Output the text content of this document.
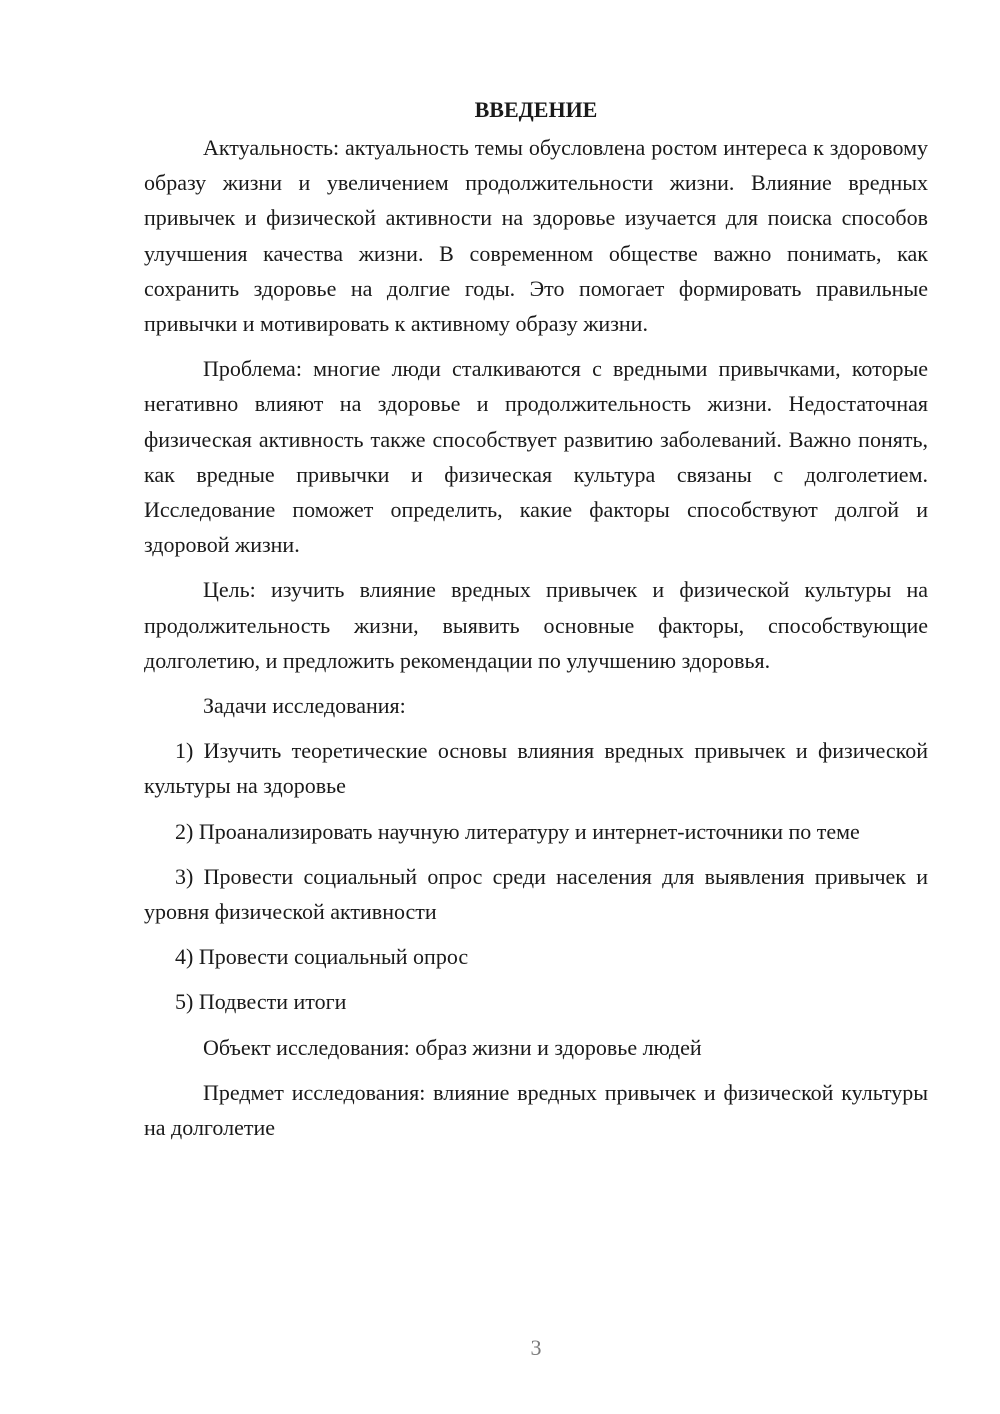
ВВЕДЕНИЕ

Актуальность: актуальность темы обусловлена ростом интереса к здоровому образу жизни и увеличением продолжительности жизни. Влияние вредных привычек и физической активности на здоровье изучается для поиска способов улучшения качества жизни. В современном обществе важно понимать, как сохранить здоровье на долгие годы. Это помогает формировать правильные привычки и мотивировать к активному образу жизни.

Проблема: многие люди сталкиваются с вредными привычками, которые негативно влияют на здоровье и продолжительность жизни. Недостаточная физическая активность также способствует развитию заболеваний. Важно понять, как вредные привычки и физическая культура связаны с долголетием. Исследование поможет определить, какие факторы способствуют долгой и здоровой жизни.

Цель: изучить влияние вредных привычек и физической культуры на продолжительность жизни, выявить основные факторы, способствующие долголетию, и предложить рекомендации по улучшению здоровья.

Задачи исследования:

1) Изучить теоретические основы влияния вредных привычек и физической культуры на здоровье

2) Проанализировать научную литературу и интернет-источники по теме

3) Провести социальный опрос среди населения для выявления привычек и уровня физической активности

4) Провести социальный опрос

5) Подвести итоги

Объект исследования: образ жизни и здоровье людей

Предмет исследования: влияние вредных привычек и физической культуры на долголетие

3
